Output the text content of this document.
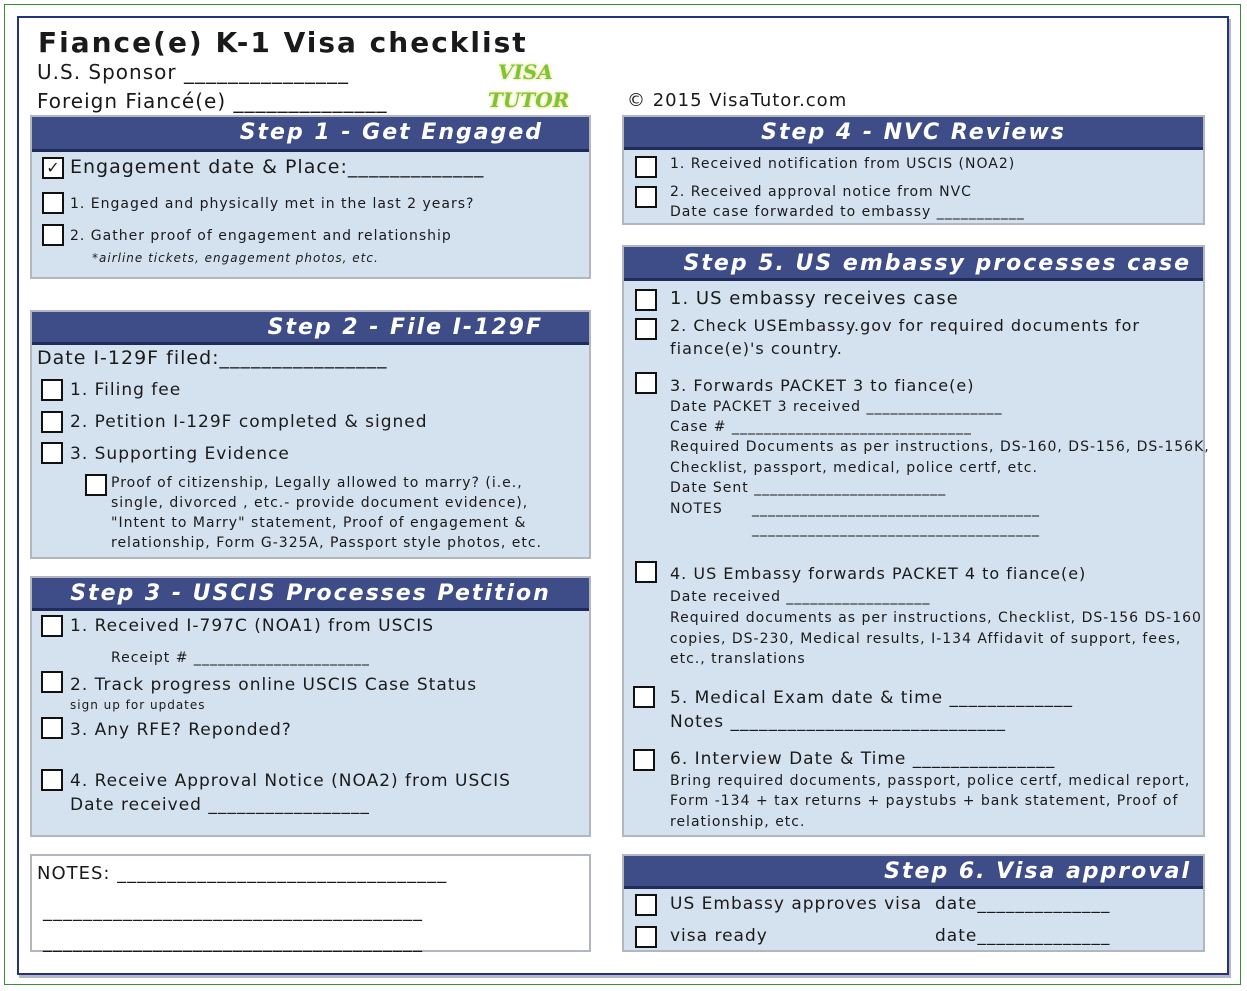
Fiance(e) K-1 Visa checklist
U.S. Sponsor _______________
Foreign Fiancé(e) ______________
VISA
TUTOR	© 2015 VisaTutor.com
Step 1 - Get Engaged
✓ Engagement date & Place:_____________
1. Engaged and physically met in the last 2 years?
2. Gather proof of engagement and relationship
*airline tickets, engagement photos, etc.
Step 2 - File I-129F
Date I-129F filed:________________
1. Filing fee
2. Petition I-129F completed & signed
3. Supporting Evidence
Proof of citizenship, Legally allowed to marry? (i.e., single, divorced , etc.- provide document evidence), "Intent to Marry" statement, Proof of engagement & relationship, Form G-325A, Passport style photos, etc.
Step 3 - USCIS Processes Petition
1. Received I-797C (NOA1) from USCIS
Receipt # ______________________
2. Track progress online USCIS Case Status
sign up for updates
3. Any RFE? Reponded?
4. Receive Approval Notice (NOA2) from USCIS
Date received _________________
NOTES: _________________________________
______________________________________
______________________________________
Step 4 - NVC Reviews
1. Received notification from USCIS (NOA2)
2. Received approval notice from NVC
Date case forwarded to embassy ___________
Step 5. US embassy processes case
1. US embassy receives case
2. Check USEmbassy.gov for required documents for
fiance(e)'s country.
3. Forwards PACKET 3 to fiance(e)
Date PACKET 3 received _________________
Case # ______________________________
Required Documents as per instructions, DS-160, DS-156, DS-156K,
Checklist, passport, medical, police certf, etc.
Date Sent ________________________
NOTES ____________________________________
____________________________________
4. US Embassy forwards PACKET 4 to fiance(e)
Date received __________________
Required documents as per instructions, Checklist, DS-156 DS-160
copies, DS-230, Medical results, I-134 Affidavit of support, fees,
etc., translations
5. Medical Exam date & time _____________
Notes _____________________________
6. Interview Date & Time _______________
Bring required documents, passport, police certf, medical report,
Form -134 + tax returns + paystubs + bank statement, Proof of
relationship, etc.
Step 6. Visa approval
US Embassy approves visa date______________
visa ready	date______________
